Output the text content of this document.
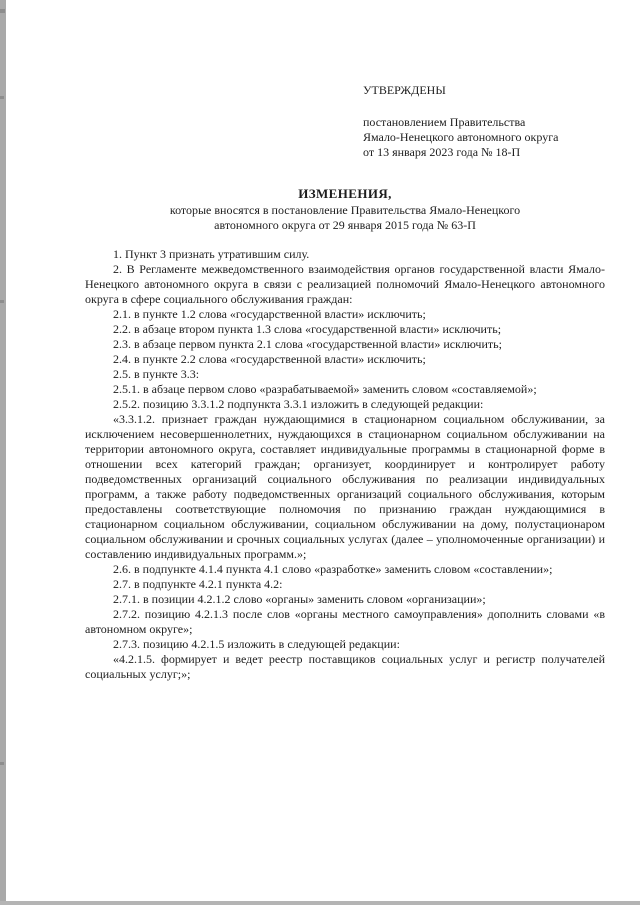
УТВЕРЖДЕНЫ
постановлением Правительства
Ямало-Ненецкого автономного округа
от 13 января 2023 года № 18-П
ИЗМЕНЕНИЯ,
которые вносятся в постановление Правительства Ямало-Ненецкого
автономного округа от 29 января 2015 года № 63-П

1. Пункт 3 признать утратившим силу.

2. В Регламенте межведомственного взаимодействия органов государственной власти Ямало-Ненецкого автономного округа в связи с реализацией полномочий Ямало-Ненецкого автономного округа в сфере социального обслуживания граждан:

2.1. в пункте 1.2 слова «государственной власти» исключить;

2.2. в абзаце втором пункта 1.3 слова «государственной власти» исключить;

2.3. в абзаце первом пункта 2.1 слова «государственной власти» исключить;

2.4. в пункте 2.2 слова «государственной власти» исключить;

2.5. в пункте 3.3:

2.5.1. в абзаце первом слово «разрабатываемой» заменить словом «составляемой»;

2.5.2. позицию 3.3.1.2 подпункта 3.3.1 изложить в следующей редакции:

«3.3.1.2. признает граждан нуждающимися в стационарном социальном обслуживании, за исключением несовершеннолетних, нуждающихся в стационарном социальном обслуживании на территории автономного округа, составляет индивидуальные программы в стационарной форме в отношении всех категорий граждан; организует, координирует и контролирует работу подведомственных организаций социального обслуживания по реализации индивидуальных программ, а также работу подведомственных организаций социального обслуживания, которым предоставлены соответствующие полномочия по признанию граждан нуждающимися в стационарном социальном обслуживании, социальном обслуживании на дому, полустационаром социальном обслуживании и срочных социальных услугах (далее – уполномоченные организации) и составлению индивидуальных программ.»;

2.6. в подпункте 4.1.4 пункта 4.1 слово «разработке» заменить словом «составлении»;

2.7. в подпункте 4.2.1 пункта 4.2:

2.7.1. в позиции 4.2.1.2 слово «органы» заменить словом «организации»;

2.7.2. позицию 4.2.1.3 после слов «органы местного самоуправления» дополнить словами «в автономном округе»;

2.7.3. позицию 4.2.1.5 изложить в следующей редакции:

«4.2.1.5. формирует и ведет реестр поставщиков социальных услуг и регистр получателей социальных услуг;»;
